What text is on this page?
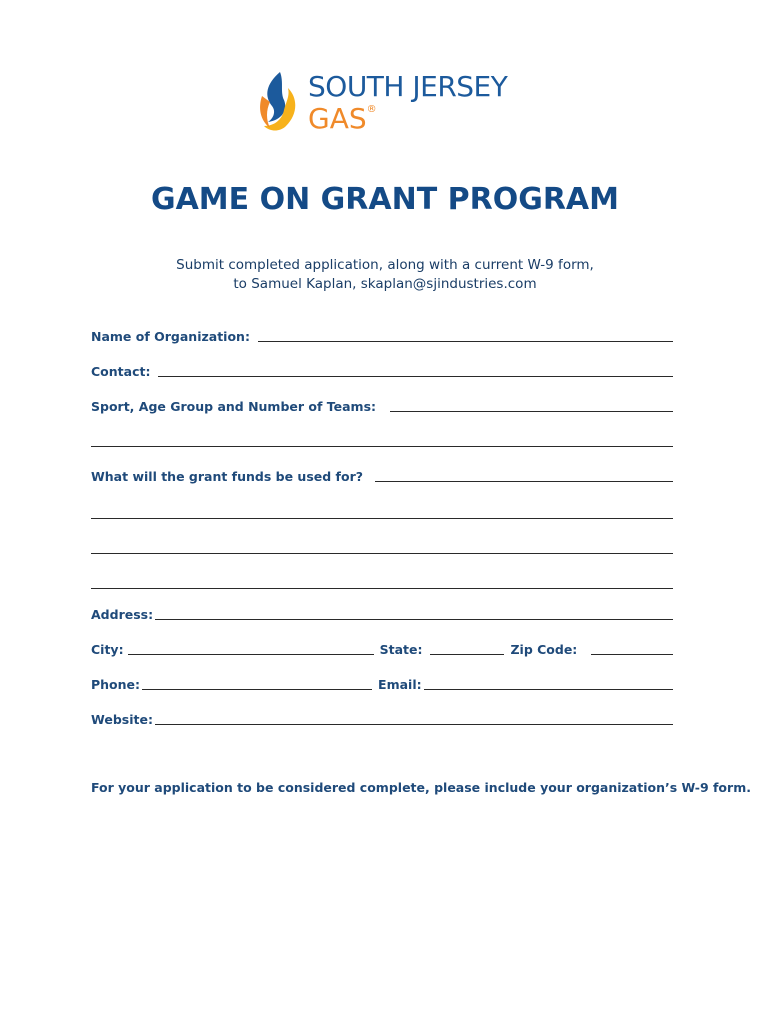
SOUTH JERSEY
GAS®
GAME ON GRANT PROGRAM
Submit completed application, along with a current W-9 form,
to Samuel Kaplan, skaplan@sjindustries.com
Name of Organization:
Contact:
Sport, Age Group and Number of Teams:
What will the grant funds be used for?
Address:
City:	State:	Zip Code:
Phone:	Email:
Website:
For your application to be considered complete, please include your organization’s W-9 form.
